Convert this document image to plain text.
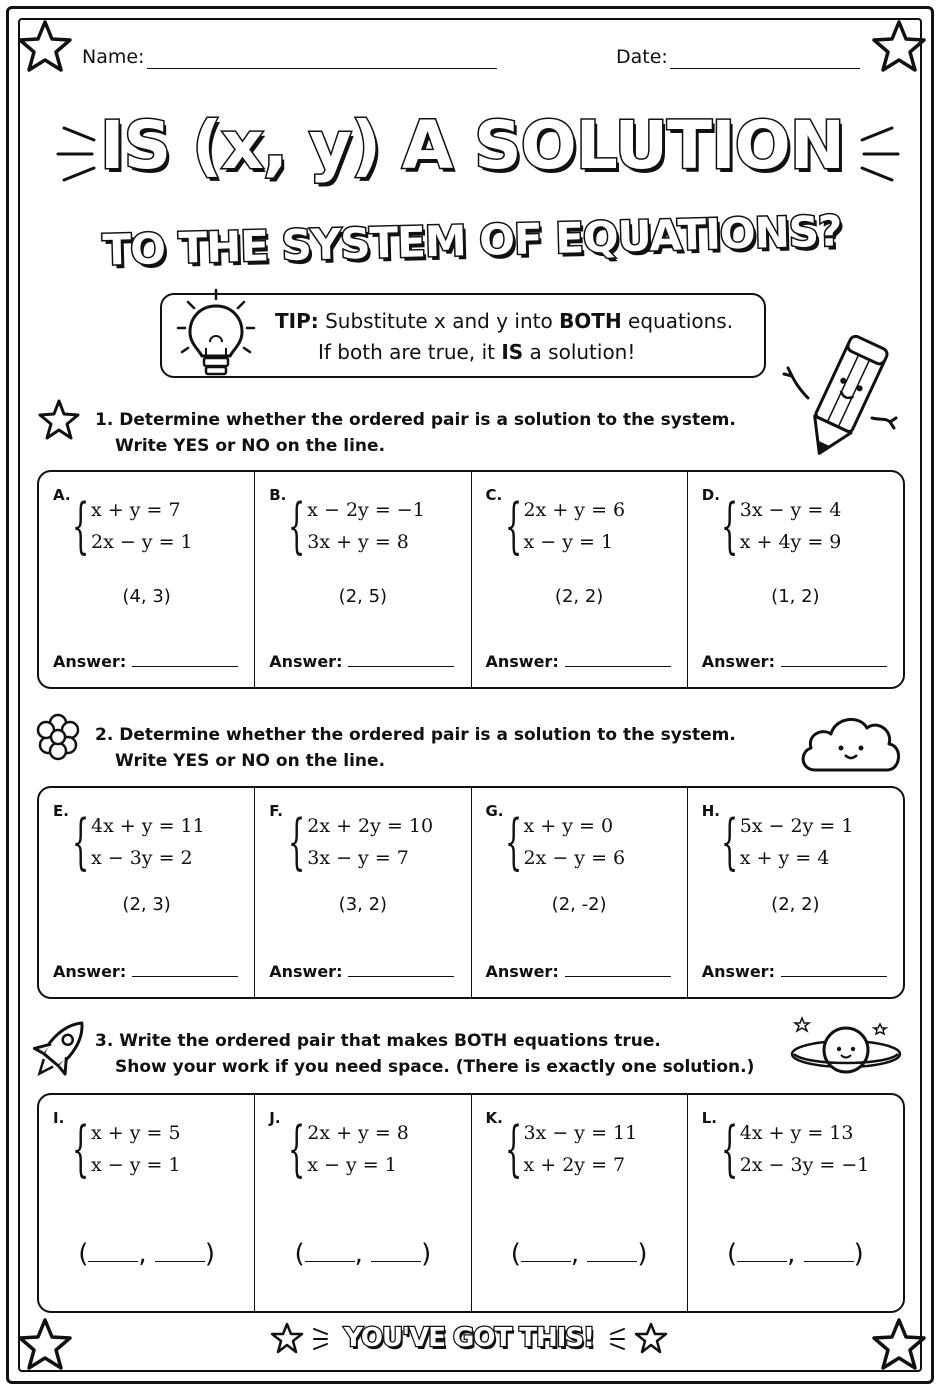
Name:	Date:
IS (x, y) A SOLUTION
TO THE SYSTEM OF EQUATIONS?
TIP: Substitute x and y into BOTH equations.
If both are true, it IS a solution!
1. Determine whether the ordered pair is a solution to the system.
Write YES or NO on the line.
A. { x + y = 7
2x − y = 1
(4, 3)
Answer:
B. { x − 2y = −1
3x + y = 8
(2, 5)
Answer:
C. { 2x + y = 6
x − y = 1
(2, 2)
Answer:
D. { 3x − y = 4
x + 4y = 9
(1, 2)
Answer:
2. Determine whether the ordered pair is a solution to the system.
Write YES or NO on the line.
E. { 4x + y = 11
x − 3y = 2
(2, 3)
Answer:
F. { 2x + 2y = 10
3x − y = 7
(3, 2)
Answer:
G. { x + y = 0
2x − y = 6
(2, -2)
Answer:
H. { 5x − 2y = 1
x + y = 4
(2, 2)
Answer:
3. Write the ordered pair that makes BOTH equations true.
Show your work if you need space. (There is exactly one solution.)
I. { x + y = 5
x − y = 1
( , )
J. { 2x + y = 8
x − y = 1
( , )
K. { 3x − y = 11
x + 2y = 7
( , )
L. { 4x + y = 13
2x − 3y = −1
( , )
YOU'VE GOT THIS!
